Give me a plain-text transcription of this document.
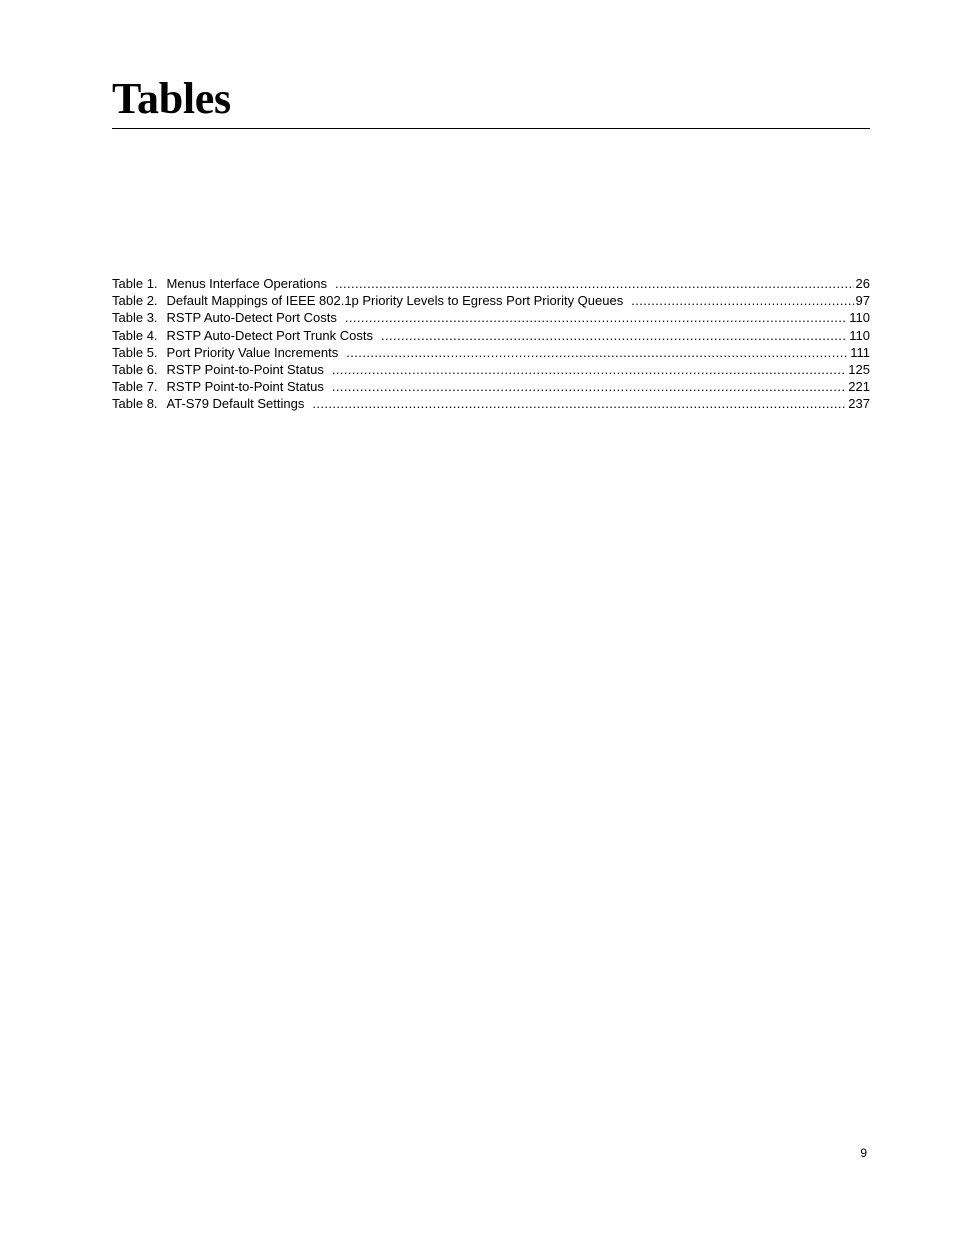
Tables
Table 1. Menus Interface Operations .....	26
Table 2. Default Mappings of IEEE 802.1p Priority Levels to Egress Port Priority Queues .....	97
Table 3. RSTP Auto-Detect Port Costs .....	110
Table 4. RSTP Auto-Detect Port Trunk Costs .....	110
Table 5. Port Priority Value Increments .....	111
Table 6. RSTP Point-to-Point Status .....	125
Table 7. RSTP Point-to-Point Status .....	221
Table 8. AT-S79 Default Settings .....	237
9
